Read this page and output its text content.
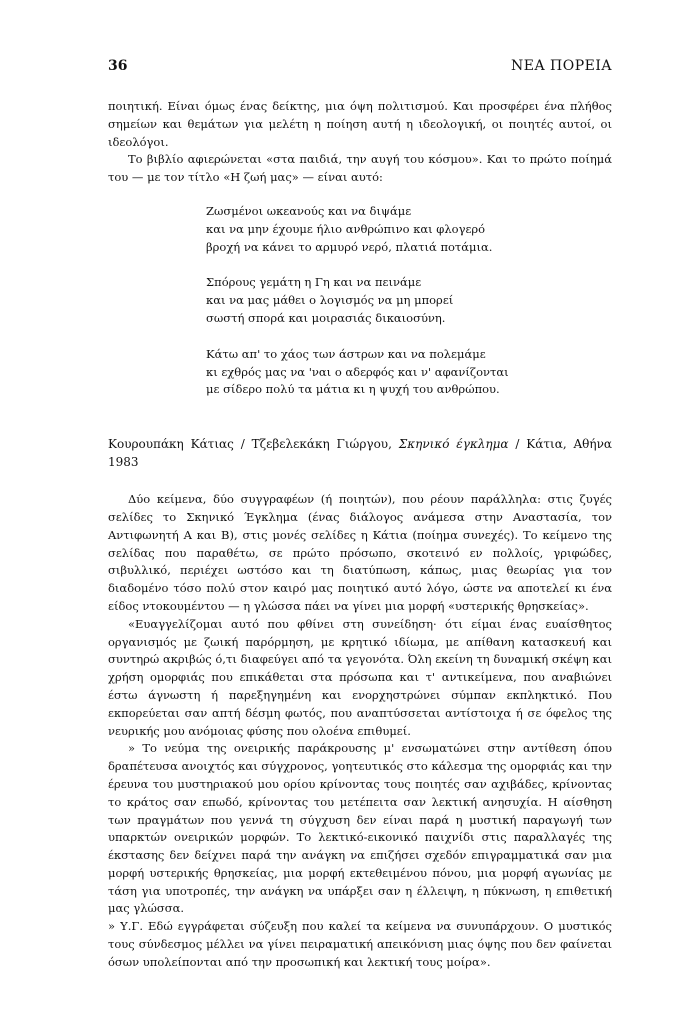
36	ΝΕΑ ΠΟΡΕΙΑ

ποιητική. Είναι όμως ένας δείκτης, μια όψη πολιτισμού. Και προσφέρει ένα πλήθος σημείων και θεμάτων για μελέτη η ποίηση αυτή η ιδεολογική, οι ποιητές αυτοί, οι ιδεολόγοι.

Το βιβλίο αφιερώνεται «στα παιδιά, την αυγή του κόσμου». Και το πρώτο ποίημά του — με τον τίτλο «Η ζωή μας» — είναι αυτό:

Ζωσμένοι ωκεανούς και να διψάμε
και να μην έχουμε ήλιο ανθρώπινο και φλογερό
βροχή να κάνει το αρμυρό νερό, πλατιά ποτάμια.
Σπόρους γεμάτη η Γη και να πεινάμε
και να μας μάθει ο λογισμός να μη μπορεί
σωστή σπορά και μοιρασιάς δικαιοσύνη.
Κάτω απ' το χάος των άστρων και να πολεμάμε
κι εχθρός μας να 'ναι ο αδερφός και ν' αφανίζονται
με σίδερο πολύ τα μάτια κι η ψυχή του ανθρώπου.

Κουρουπάκη Κάτιας / Τζεβελεκάκη Γιώργου, Σκηνικό έγκλημα / Κάτια, Αθήνα 1983

Δύο κείμενα, δύο συγγραφέων (ή ποιητών), που ρέουν παράλληλα: στις ζυγές σελίδες το Σκηνικό Έγκλημα (ένας διάλογος ανάμεσα στην Αναστασία, τον Αντιφωνητή Α και Β), στις μονές σελίδες η Κάτια (ποίημα συνεχές). Το κείμενο της σελίδας που παραθέτω, σε πρώτο πρόσωπο, σκοτεινό εν πολλοίς, γριφώδες, σιβυλλικό, περιέχει ωστόσο και τη διατύπωση, κάπως, μιας θεωρίας για τον διαδομένο τόσο πολύ στον καιρό μας ποιητικό αυτό λόγο, ώστε να αποτελεί κι ένα είδος ντοκουμέντου — η γλώσσα πάει να γίνει μια μορφή «υστερικής θρησκείας».

«Ευαγγελίζομαι αυτό που φθίνει στη συνείδηση· ότι είμαι ένας ευαίσθητος οργανισμός με ζωική παρόρμηση, με κρητικό ιδίωμα, με απίθανη κατασκευή και συντηρώ ακριβώς ό,τι διαφεύγει από τα γεγονότα. Όλη εκείνη τη δυναμική σκέψη και χρήση ομορφιάς που επικάθεται στα πρόσωπα και τ' αντικείμενα, που αναβιώνει έστω άγνωστη ή παρεξηγημένη και ενορχηστρώνει σύμπαν εκπληκτικό. Που εκπορεύεται σαν απτή δέσμη φωτός, που αναπτύσσεται αντίστοιχα ή σε όφελος της νευρικής μου ανόμοιας φύσης που ολοένα επιθυμεί.

» Το νεύμα της ονειρικής παράκρουσης μ' ενσωματώνει στην αντίθεση όπου δραπέτευσα ανοιχτός και σύγχρονος, γοητευτικός στο κάλεσμα της ομορφιάς και την έρευνα του μυστηριακού μου ορίου κρίνοντας τους ποιητές σαν αχιβάδες, κρίνοντας το κράτος σαν επωδό, κρίνοντας του μετέπειτα σαν λεκτική ανησυχία. Η αίσθηση των πραγμάτων που γεννά τη σύγχυση δεν είναι παρά η μυστική παραγωγή των υπαρκτών ονειρικών μορφών. Το λεκτικό-εικονικό παιχνίδι στις παραλλαγές της έκστασης δεν δείχνει παρά την ανάγκη να επιζήσει σχεδόν επιγραμματικά σαν μια μορφή υστερικής θρησκείας, μια μορφή εκτεθειμένου πόνου, μια μορφή αγωνίας με τάση για υποτροπές, την ανάγκη να υπάρξει σαν η έλλειψη, η πύκνωση, η επιθετική μας γλώσσα.

» Υ.Γ. Εδώ εγγράφεται σύζευξη που καλεί τα κείμενα να συνυπάρχουν. Ο μυστικός τους σύνδεσμος μέλλει να γίνει πειραματική απεικόνιση μιας όψης που δεν φαίνεται όσων υπολείπονται από την προσωπική και λεκτική τους μοίρα».
